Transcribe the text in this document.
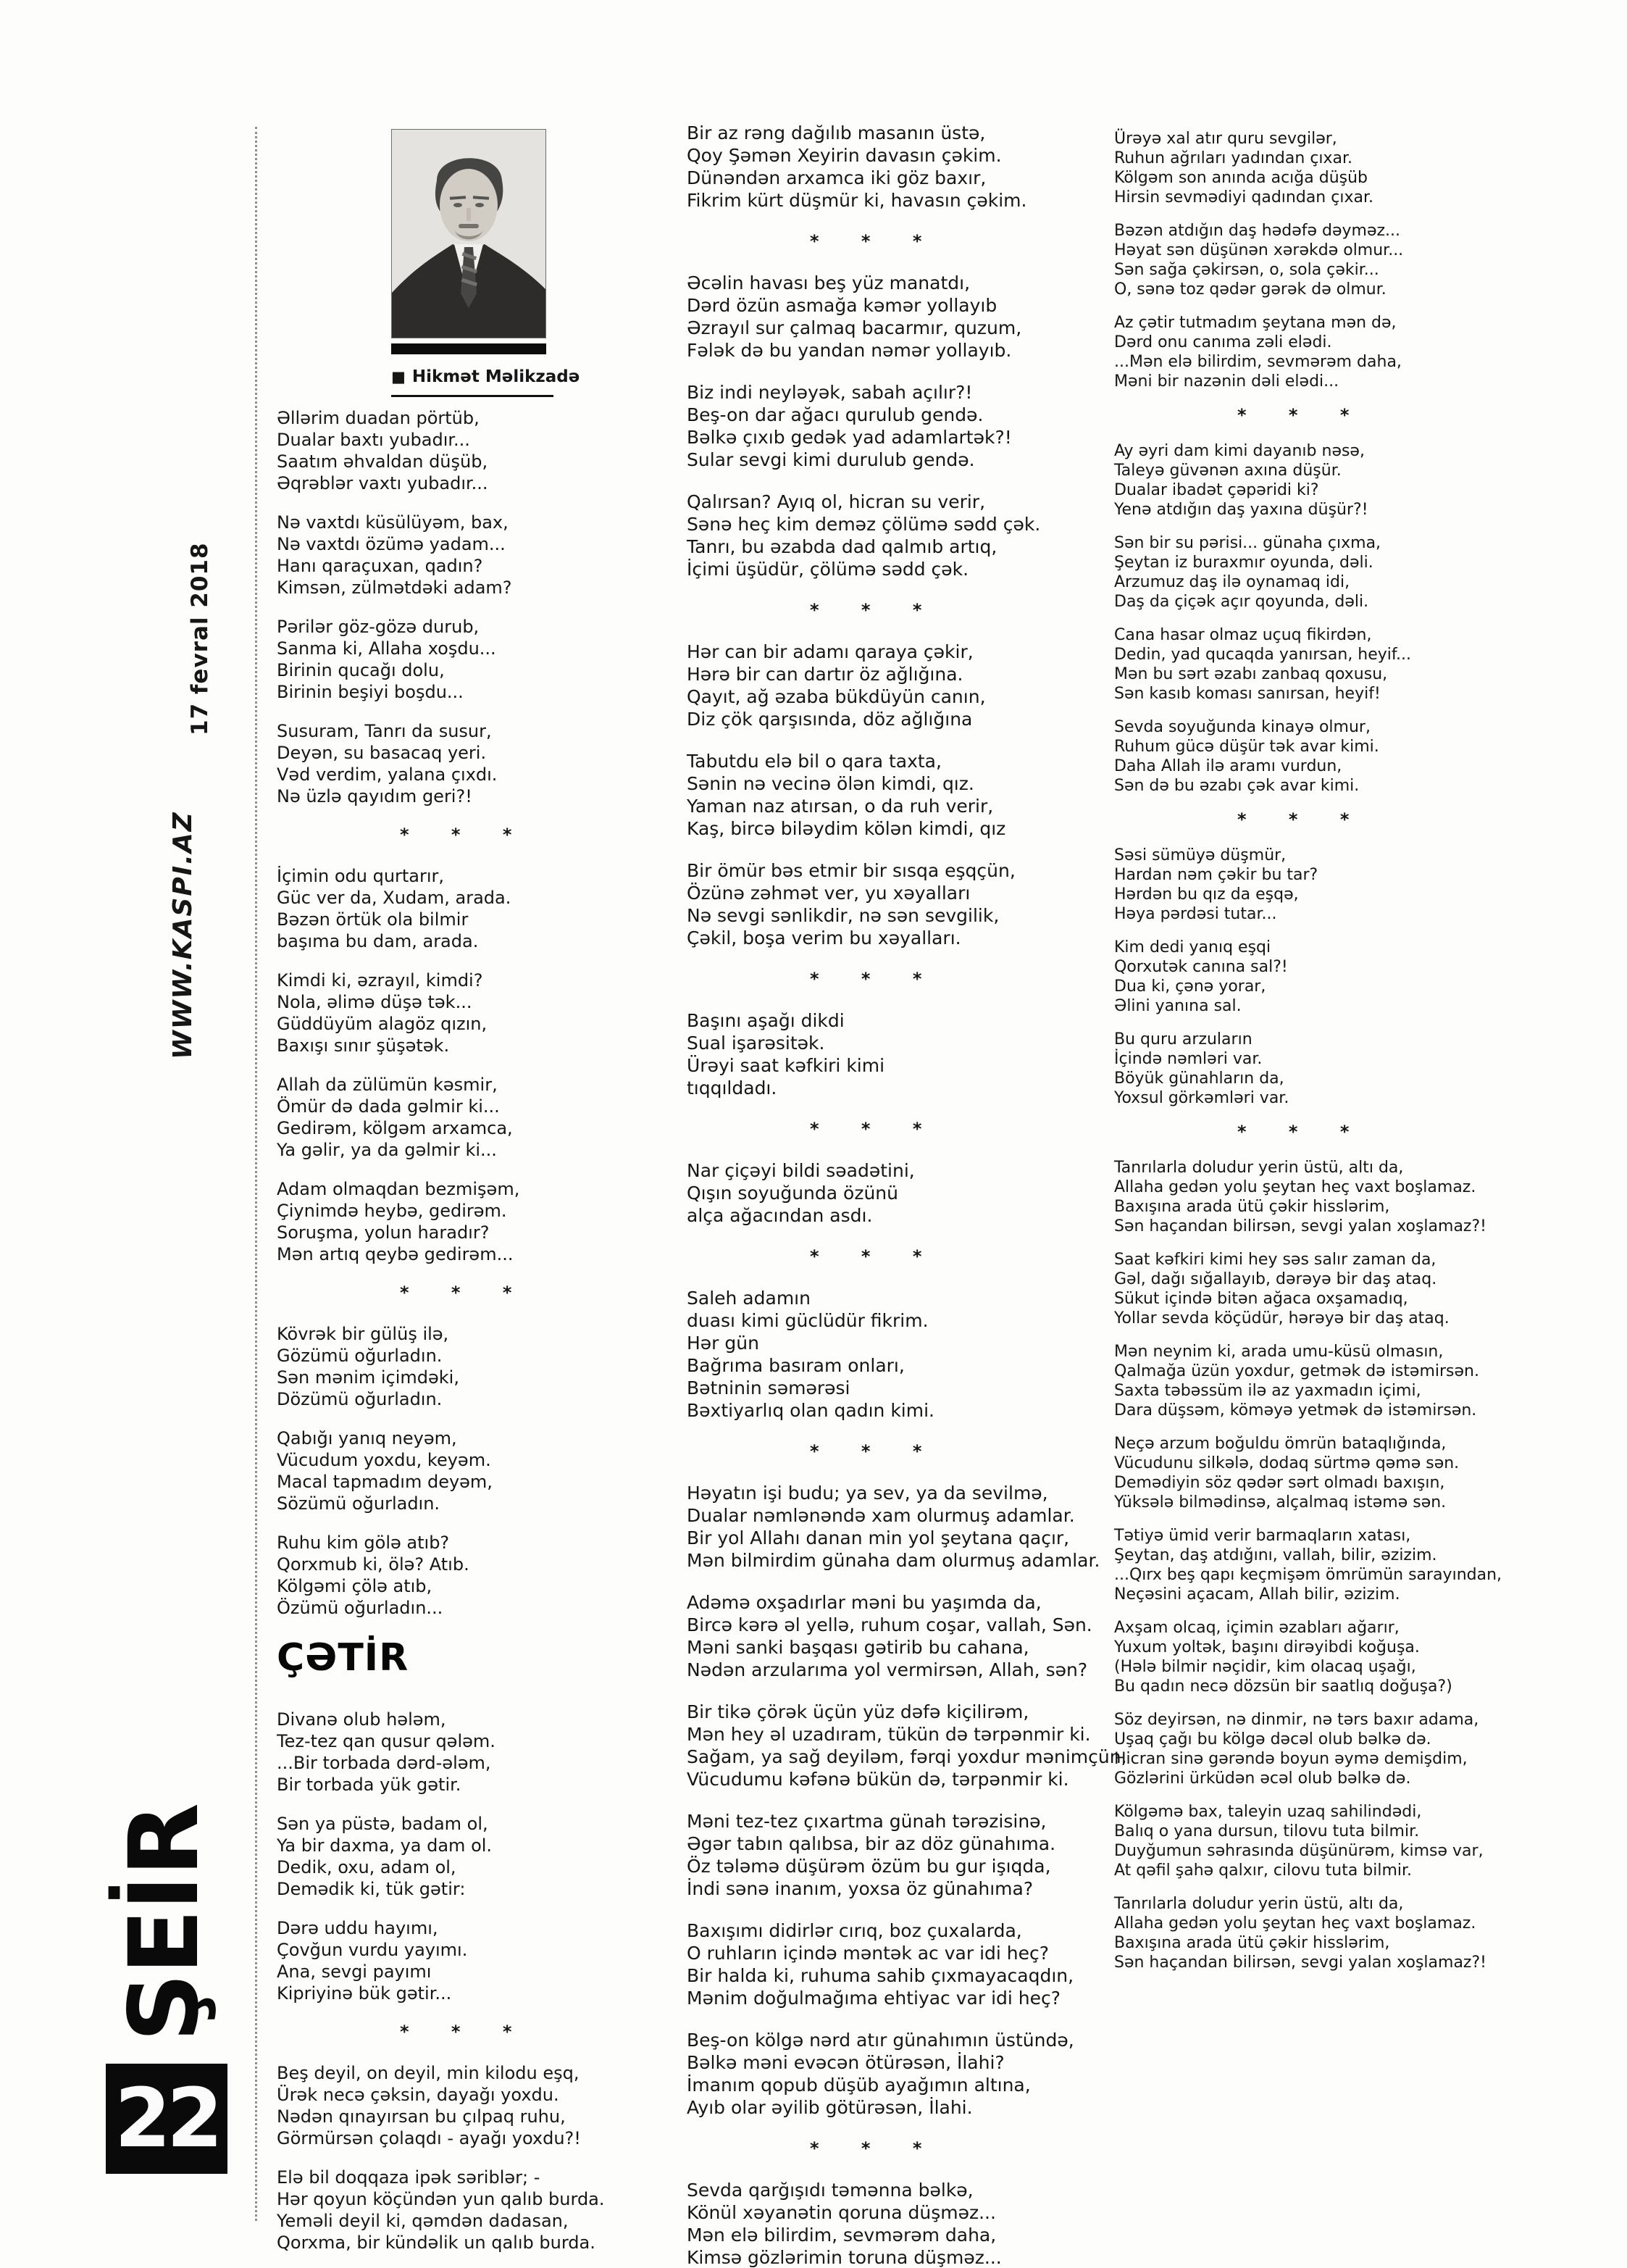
17 fevral 2018
WWW.KASPI.AZ
ŞEİR
22
■ Hikmət Məlikzadə
Əllərim duadan pörtüb,
Dualar baxtı yubadır...
Saatım əhvaldan düşüb,
Əqrəblər vaxtı yubadır...
Nə vaxtdı küsülüyəm, bax,
Nə vaxtdı özümə yadam...
Hanı qaraçuxan, qadın?
Kimsən, zülmətdəki adam?
Pərilər göz-gözə durub,
Sanma ki, Allaha xoşdu...
Birinin qucağı dolu,
Birinin beşiyi boşdu...
Susuram, Tanrı da susur,
Deyən, su basacaq yeri.
Vəd verdim, yalana çıxdı.
Nə üzlə qayıdım geri?!
* * *
İçimin odu qurtarır,
Güc ver da, Xudam, arada.
Bəzən örtük ola bilmir
başıma bu dam, arada.
Kimdi ki, əzrayıl, kimdi?
Nola, əlimə düşə tək...
Güddüyüm alagöz qızın,
Baxışı sınır şüşətək.
Allah da zülümün kəsmir,
Ömür də dada gəlmir ki...
Gedirəm, kölgəm arxamca,
Ya gəlir, ya da gəlmir ki...
Adam olmaqdan bezmişəm,
Çiynimdə heybə, gedirəm.
Soruşma, yolun haradır?
Mən artıq qeybə gedirəm...
* * *
Kövrək bir gülüş ilə,
Gözümü oğurladın.
Sən mənim içimdəki,
Dözümü oğurladın.
Qabığı yanıq neyəm,
Vücudum yoxdu, keyəm.
Macal tapmadım deyəm,
Sözümü oğurladın.
Ruhu kim gölə atıb?
Qorxmub ki, ölə? Atıb.
Kölgəmi çölə atıb,
Özümü oğurladın...
ÇƏTİR
Divanə olub hələm,
Tez-tez qan qusur qələm.
...Bir torbada dərd-ələm,
Bir torbada yük gətir.
Sən ya püstə, badam ol,
Ya bir daxma, ya dam ol.
Dedik, oxu, adam ol,
Demədik ki, tük gətir:
Dərə uddu hayımı,
Çovğun vurdu yayımı.
Ana, sevgi payımı
Kipriyinə bük gətir...
* * *
Beş deyil, on deyil, min kilodu eşq,
Ürək necə çəksin, dayağı yoxdu.
Nədən qınayırsan bu çılpaq ruhu,
Görmürsən çolaqdı - ayağı yoxdu?!
Elə bil doqqaza ipək səriblər; -
Hər qoyun köçündən yun qalıb burda.
Yeməli deyil ki, qəmdən dadasan,
Qorxma, bir kündəlik un qalıb burda.
Bir az rəng dağılıb masanın üstə,
Qoy Şəmən Xeyirin davasın çəkim.
Dünəndən arxamca iki göz baxır,
Fikrim kürt düşmür ki, havasın çəkim.
* * *
Əcəlin havası beş yüz manatdı,
Dərd özün asmağa kəmər yollayıb
Əzrayıl sur çalmaq bacarmır, quzum,
Fələk də bu yandan nəmər yollayıb.
Biz indi neyləyək, sabah açılır?!
Beş-on dar ağacı qurulub gendə.
Bəlkə çıxıb gedək yad adamlartək?!
Sular sevgi kimi durulub gendə.
Qalırsan? Ayıq ol, hicran su verir,
Sənə heç kim deməz çölümə sədd çək.
Tanrı, bu əzabda dad qalmıb artıq,
İçimi üşüdür, çölümə sədd çək.
* * *
Hər can bir adamı qaraya çəkir,
Hərə bir can dartır öz ağlığına.
Qayıt, ağ əzaba bükdüyün canın,
Diz çök qarşısında, döz ağlığına
Tabutdu elə bil o qara taxta,
Sənin nə vecinə ölən kimdi, qız.
Yaman naz atırsan, o da ruh verir,
Kaş, bircə biləydim kölən kimdi, qız
Bir ömür bəs etmir bir sısqa eşqçün,
Özünə zəhmət ver, yu xəyalları
Nə sevgi sənlikdir, nə sən sevgilik,
Çəkil, boşa verim bu xəyalları.
* * *
Başını aşağı dikdi
Sual işarəsitək.
Ürəyi saat kəfkiri kimi
tıqqıldadı.
* * *
Nar çiçəyi bildi səadətini,
Qışın soyuğunda özünü
alça ağacından asdı.
* * *
Saleh adamın
duası kimi güclüdür fikrim.
Hər gün
Bağrıma basıram onları,
Bətninin səmərəsi
Bəxtiyarlıq olan qadın kimi.
* * *
Həyatın işi budu; ya sev, ya da sevilmə,
Dualar nəmlənəndə xam olurmuş adamlar.
Bir yol Allahı danan min yol şeytana qaçır,
Mən bilmirdim günaha dam olurmuş adamlar.
Adəmə oxşadırlar məni bu yaşımda da,
Bircə kərə əl yellə, ruhum coşar, vallah, Sən.
Məni sanki başqası gətirib bu cahana,
Nədən arzularıma yol vermirsən, Allah, sən?
Bir tikə çörək üçün yüz dəfə kiçilirəm,
Mən hey əl uzadıram, tükün də tərpənmir ki.
Sağam, ya sağ deyiləm, fərqi yoxdur mənimçün,
Vücudumu kəfənə bükün də, tərpənmir ki.
Məni tez-tez çıxartma günah tərəzisinə,
Əgər tabın qalıbsa, bir az döz günahıma.
Öz tələmə düşürəm özüm bu gur işıqda,
İndi sənə inanım, yoxsa öz günahıma?
Baxışımı didirlər cırıq, boz çuxalarda,
O ruhların içində məntək ac var idi heç?
Bir halda ki, ruhuma sahib çıxmayacaqdın,
Mənim doğulmağıma ehtiyac var idi heç?
Beş-on kölgə nərd atır günahımın üstündə,
Bəlkə məni evəcən ötürəsən, İlahi?
İmanım qopub düşüb ayağımın altına,
Ayıb olar əyilib götürəsən, İlahi.
* * *
Sevda qarğışıdı təmənna bəlkə,
Könül xəyanətin qoruna düşməz...
Mən elə bilirdim, sevmərəm daha,
Kimsə gözlərimin toruna düşməz...
Ürəyə xal atır quru sevgilər,
Ruhun ağrıları yadından çıxar.
Kölgəm son anında acığa düşüb
Hirsin sevmədiyi qadından çıxar.
Bəzən atdığın daş hədəfə dəyməz...
Həyat sən düşünən xərəkdə olmur...
Sən sağa çəkirsən, o, sola çəkir...
O, sənə toz qədər gərək də olmur.
Az çətir tutmadım şeytana mən də,
Dərd onu canıma zəli elədi.
...Mən elə bilirdim, sevmərəm daha,
Məni bir nazənin dəli elədi...
* * *
Ay əyri dam kimi dayanıb nəsə,
Taleyə güvənən axına düşür.
Dualar ibadət çəpəridi ki?
Yenə atdığın daş yaxına düşür?!
Sən bir su pərisi... günaha çıxma,
Şeytan iz buraxmır oyunda, dəli.
Arzumuz daş ilə oynamaq idi,
Daş da çiçək açır qoyunda, dəli.
Cana hasar olmaz uçuq fikirdən,
Dedin, yad qucaqda yanırsan, heyif...
Mən bu sərt əzabı zanbaq qoxusu,
Sən kasıb koması sanırsan, heyif!
Sevda soyuğunda kinayə olmur,
Ruhum gücə düşür tək avar kimi.
Daha Allah ilə aramı vurdun,
Sən də bu əzabı çək avar kimi.
* * *
Səsi sümüyə düşmür,
Hardan nəm çəkir bu tar?
Hərdən bu qız da eşqə,
Həya pərdəsi tutar...
Kim dedi yanıq eşqi
Qorxutək canına sal?!
Dua ki, çənə yorar,
Əlini yanına sal.
Bu quru arzuların
İçində nəmləri var.
Böyük günahların da,
Yoxsul görkəmləri var.
* * *
Tanrılarla doludur yerin üstü, altı da,
Allaha gedən yolu şeytan heç vaxt boşlamaz.
Baxışına arada ütü çəkir hisslərim,
Sən haçandan bilirsən, sevgi yalan xoşlamaz?!
Saat kəfkiri kimi hey səs salır zaman da,
Gəl, dağı sığallayıb, dərəyə bir daş ataq.
Sükut içində bitən ağaca oxşamadıq,
Yollar sevda köçüdür, hərəyə bir daş ataq.
Mən neynim ki, arada umu-küsü olmasın,
Qalmağa üzün yoxdur, getmək də istəmirsən.
Saxta təbəssüm ilə az yaxmadın içimi,
Dara düşsəm, köməyə yetmək də istəmirsən.
Neçə arzum boğuldu ömrün bataqlığında,
Vücudunu silkələ, dodaq sürtmə qəmə sən.
Demədiyin söz qədər sərt olmadı baxışın,
Yüksələ bilmədinsə, alçalmaq istəmə sən.
Tətiyə ümid verir barmaqların xatası,
Şeytan, daş atdığını, vallah, bilir, əzizim.
...Qırx beş qapı keçmişəm ömrümün sarayından,
Neçəsini açacam, Allah bilir, əzizim.
Axşam olcaq, içimin əzabları ağarır,
Yuxum yoltək, başını dirəyibdi koğuşa.
(Hələ bilmir nəçidir, kim olacaq uşağı,
Bu qadın necə dözsün bir saatlıq doğuşa?)
Söz deyirsən, nə dinmir, nə tərs baxır adama,
Uşaq çağı bu kölgə dəcəl olub bəlkə də.
Hicran sinə gərəndə boyun əymə demişdim,
Gözlərini ürküdən əcəl olub bəlkə də.
Kölgəmə bax, taleyin uzaq sahilindədi,
Balıq o yana dursun, tilovu tuta bilmir.
Duyğumun səhrasında düşünürəm, kimsə var,
At qəfil şahə qalxır, cilovu tuta bilmir.
Tanrılarla doludur yerin üstü, altı da,
Allaha gedən yolu şeytan heç vaxt boşlamaz.
Baxışına arada ütü çəkir hisslərim,
Sən haçandan bilirsən, sevgi yalan xoşlamaz?!
